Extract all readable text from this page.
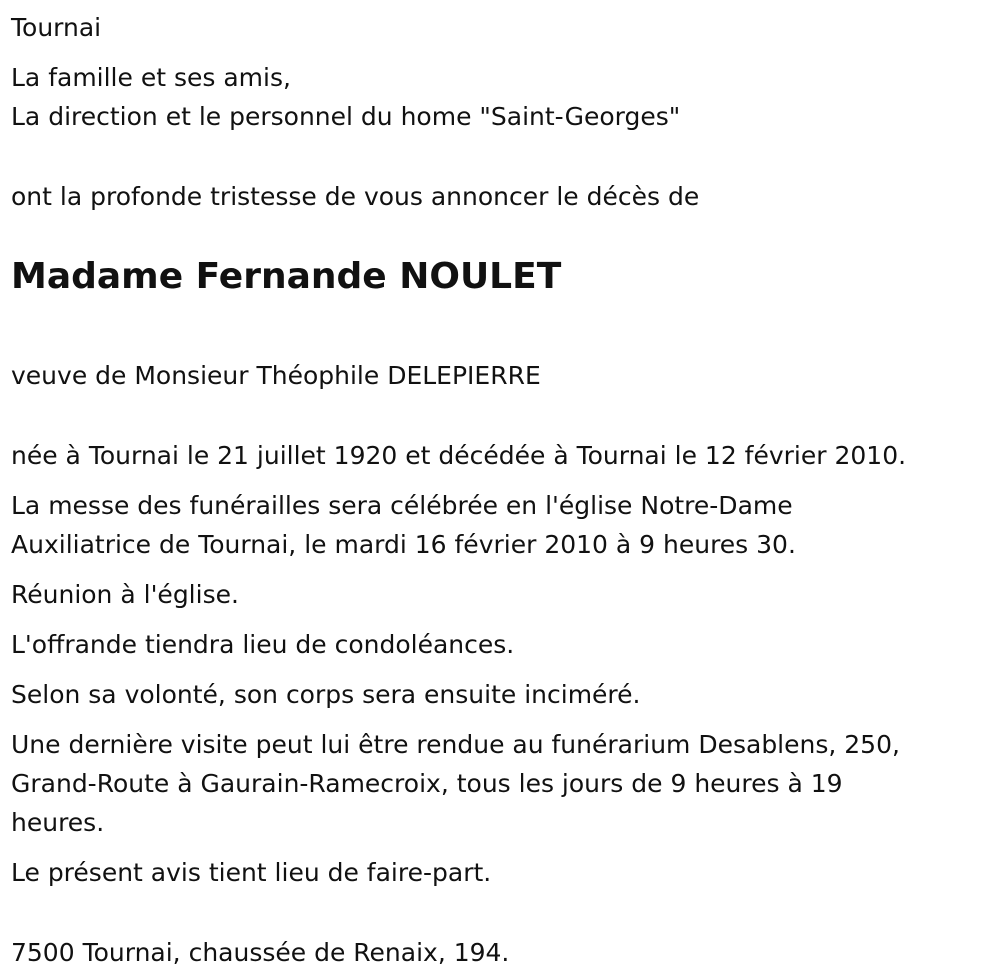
Tournai

La famille et ses amis,
La direction et le personnel du home "Saint-Georges"

ont la profonde tristesse de vous annoncer le décès de

Madame Fernande NOULET

veuve de Monsieur Théophile DELEPIERRE

née à Tournai le 21 juillet 1920 et décédée à Tournai le 12 février 2010.

La messe des funérailles sera célébrée en l'église Notre-Dame
Auxiliatrice de Tournai, le mardi 16 février 2010 à 9 heures 30.

Réunion à l'église.

L'offrande tiendra lieu de condoléances.

Selon sa volonté, son corps sera ensuite inciméré.

Une dernière visite peut lui être rendue au funérarium Desablens, 250,
Grand-Route à Gaurain-Ramecroix, tous les jours de 9 heures à 19
heures.

Le présent avis tient lieu de faire-part.

7500 Tournai, chaussée de Renaix, 194.
